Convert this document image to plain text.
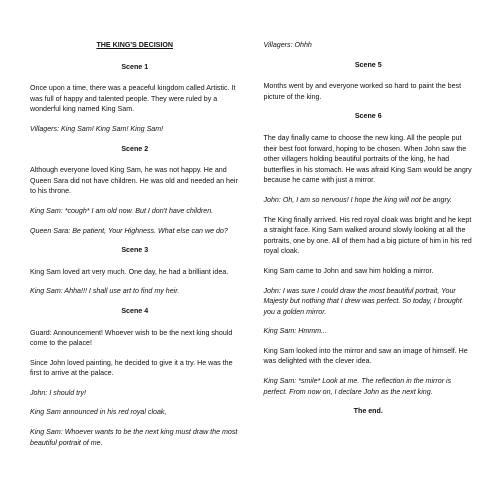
THE KING'S DECISION
Scene 1

Once upon a time, there was a peaceful kingdom called Artistic. It was full of happy and talented people. They were ruled by a wonderful king named King Sam.

Villagers: King Sam! King Sam! King Sam!

Scene 2

Although everyone loved King Sam, he was not happy. He and Queen Sara did not have children. He was old and needed an heir to his throne.

King Sam: *cough* I am old now. But I don't have children.

Queen Sara: Be patient, Your Highness. What else can we do?

Scene 3

King Sam loved art very much. One day, he had a brilliant idea.

King Sam: Ahha!!! I shall use art to find my heir.

Scene 4

Guard: Announcement! Whoever wish to be the next king should come to the palace!

Since John loved painting, he decided to give it a try. He was the first to arrive at the palace.

John: I should try!

King Sam announced in his red royal cloak,

King Sam: Whoever wants to be the next king must draw the most beautiful portrait of me.

Villagers: Ohhh

Scene 5

Months went by and everyone worked so hard to paint the best picture of the king.

Scene 6

The day finally came to choose the new king. All the people put their best foot forward, hoping to be chosen. When John saw the other villagers holding beautiful portraits of the king, he had butterflies in his stomach. He was afraid King Sam would be angry because he came with just a mirror.

John: Oh, I am so nervous! I hope the king will not be angry.

The King finally arrived. His red royal cloak was bright and he kept a straight face. King Sam walked around slowly looking at all the portraits, one by one. All of them had a big picture of him in his red royal cloak.

King Sam came to John and saw him holding a mirror.

John: I was sure I could draw the most beautiful portrait, Your Majesty but nothing that I drew was perfect. So today, I brought you a golden mirror.

King Sam: Hmmm...

King Sam looked into the mirror and saw an image of himself. He was delighted with the clever idea.

King Sam: *smile* Look at me. The reflection in the mirror is perfect. From now on, I declare John as the next king.

The end.
